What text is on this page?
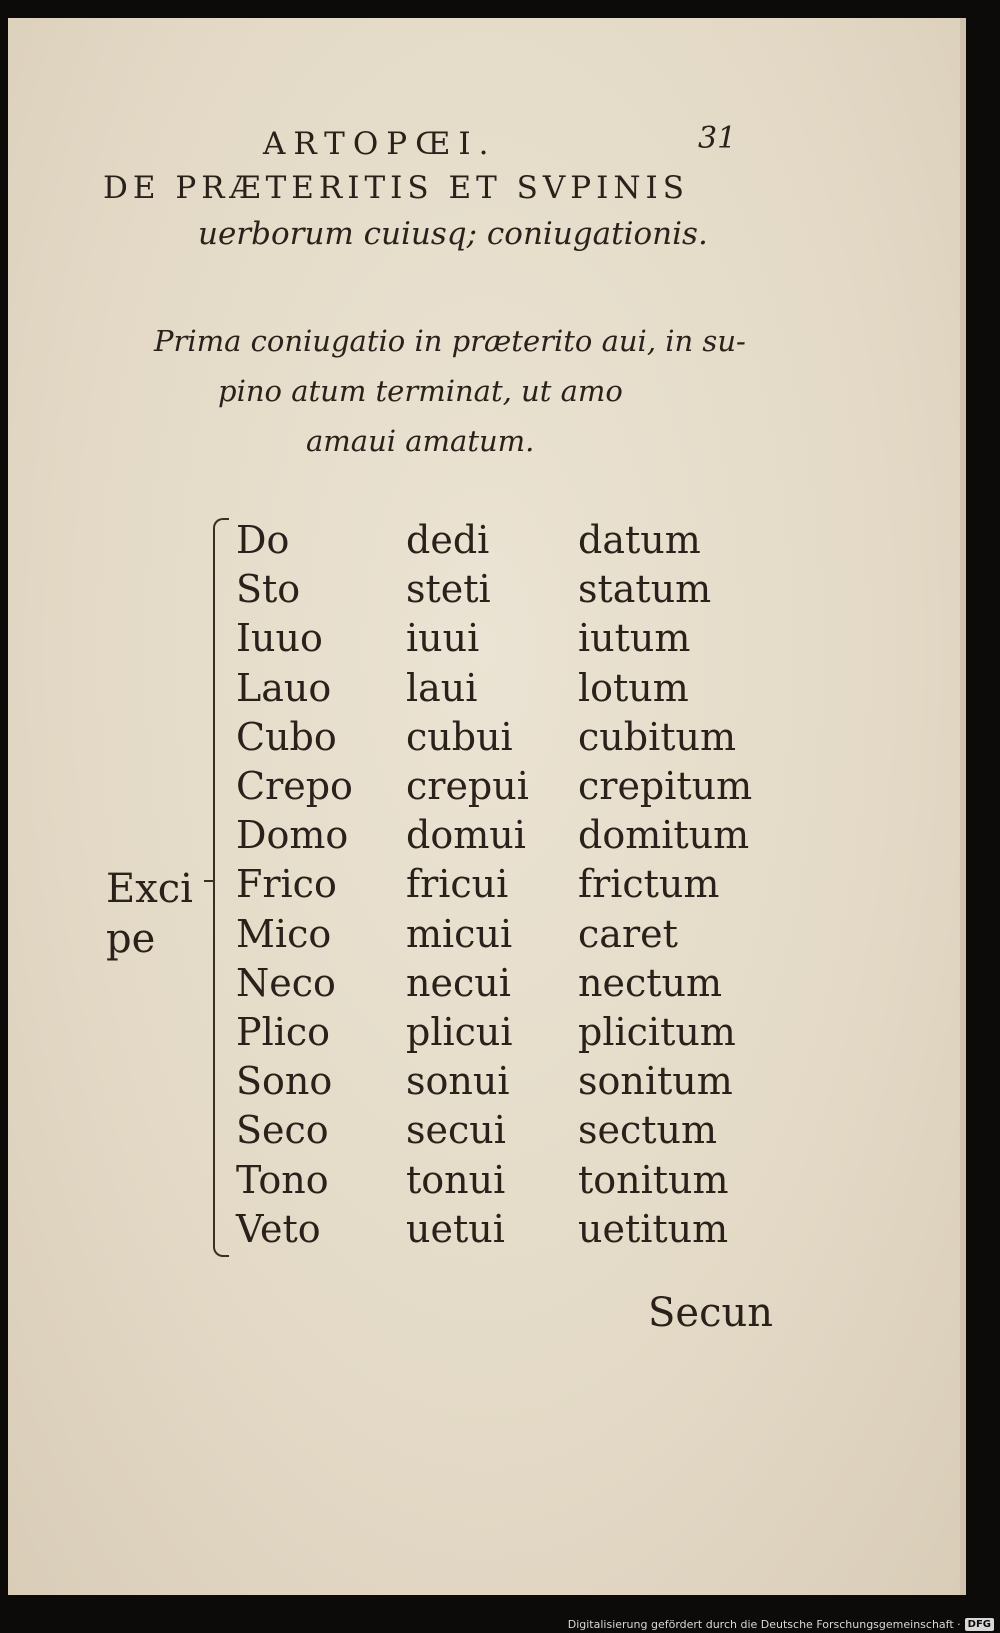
ARTOPŒI.	31
DE PRÆTERITIS ET SVPINIS
uerborum cuiusq; coniugationis.
Prima coniugatio in præterito aui, in su-
pino atum terminat, ut amo
amaui amatum.
Exci
pe
Do	dedi	datum
Sto	steti	statum
Iuuo	iuui	iutum
Lauo	laui	lotum
Cubo	cubui	cubitum
Crepo	crepui	crepitum
Domo	domui	domitum
Frico	fricui	frictum
Mico	micui	caret
Neco	necui	nectum
Plico	plicui	plicitum
Sono	sonui	sonitum
Seco	secui	sectum
Tono	tonui	tonitum
Veto	uetui	uetitum
Secun
Digitalisierung gefördert durch die Deutsche Forschungsgemeinschaft · DFG
